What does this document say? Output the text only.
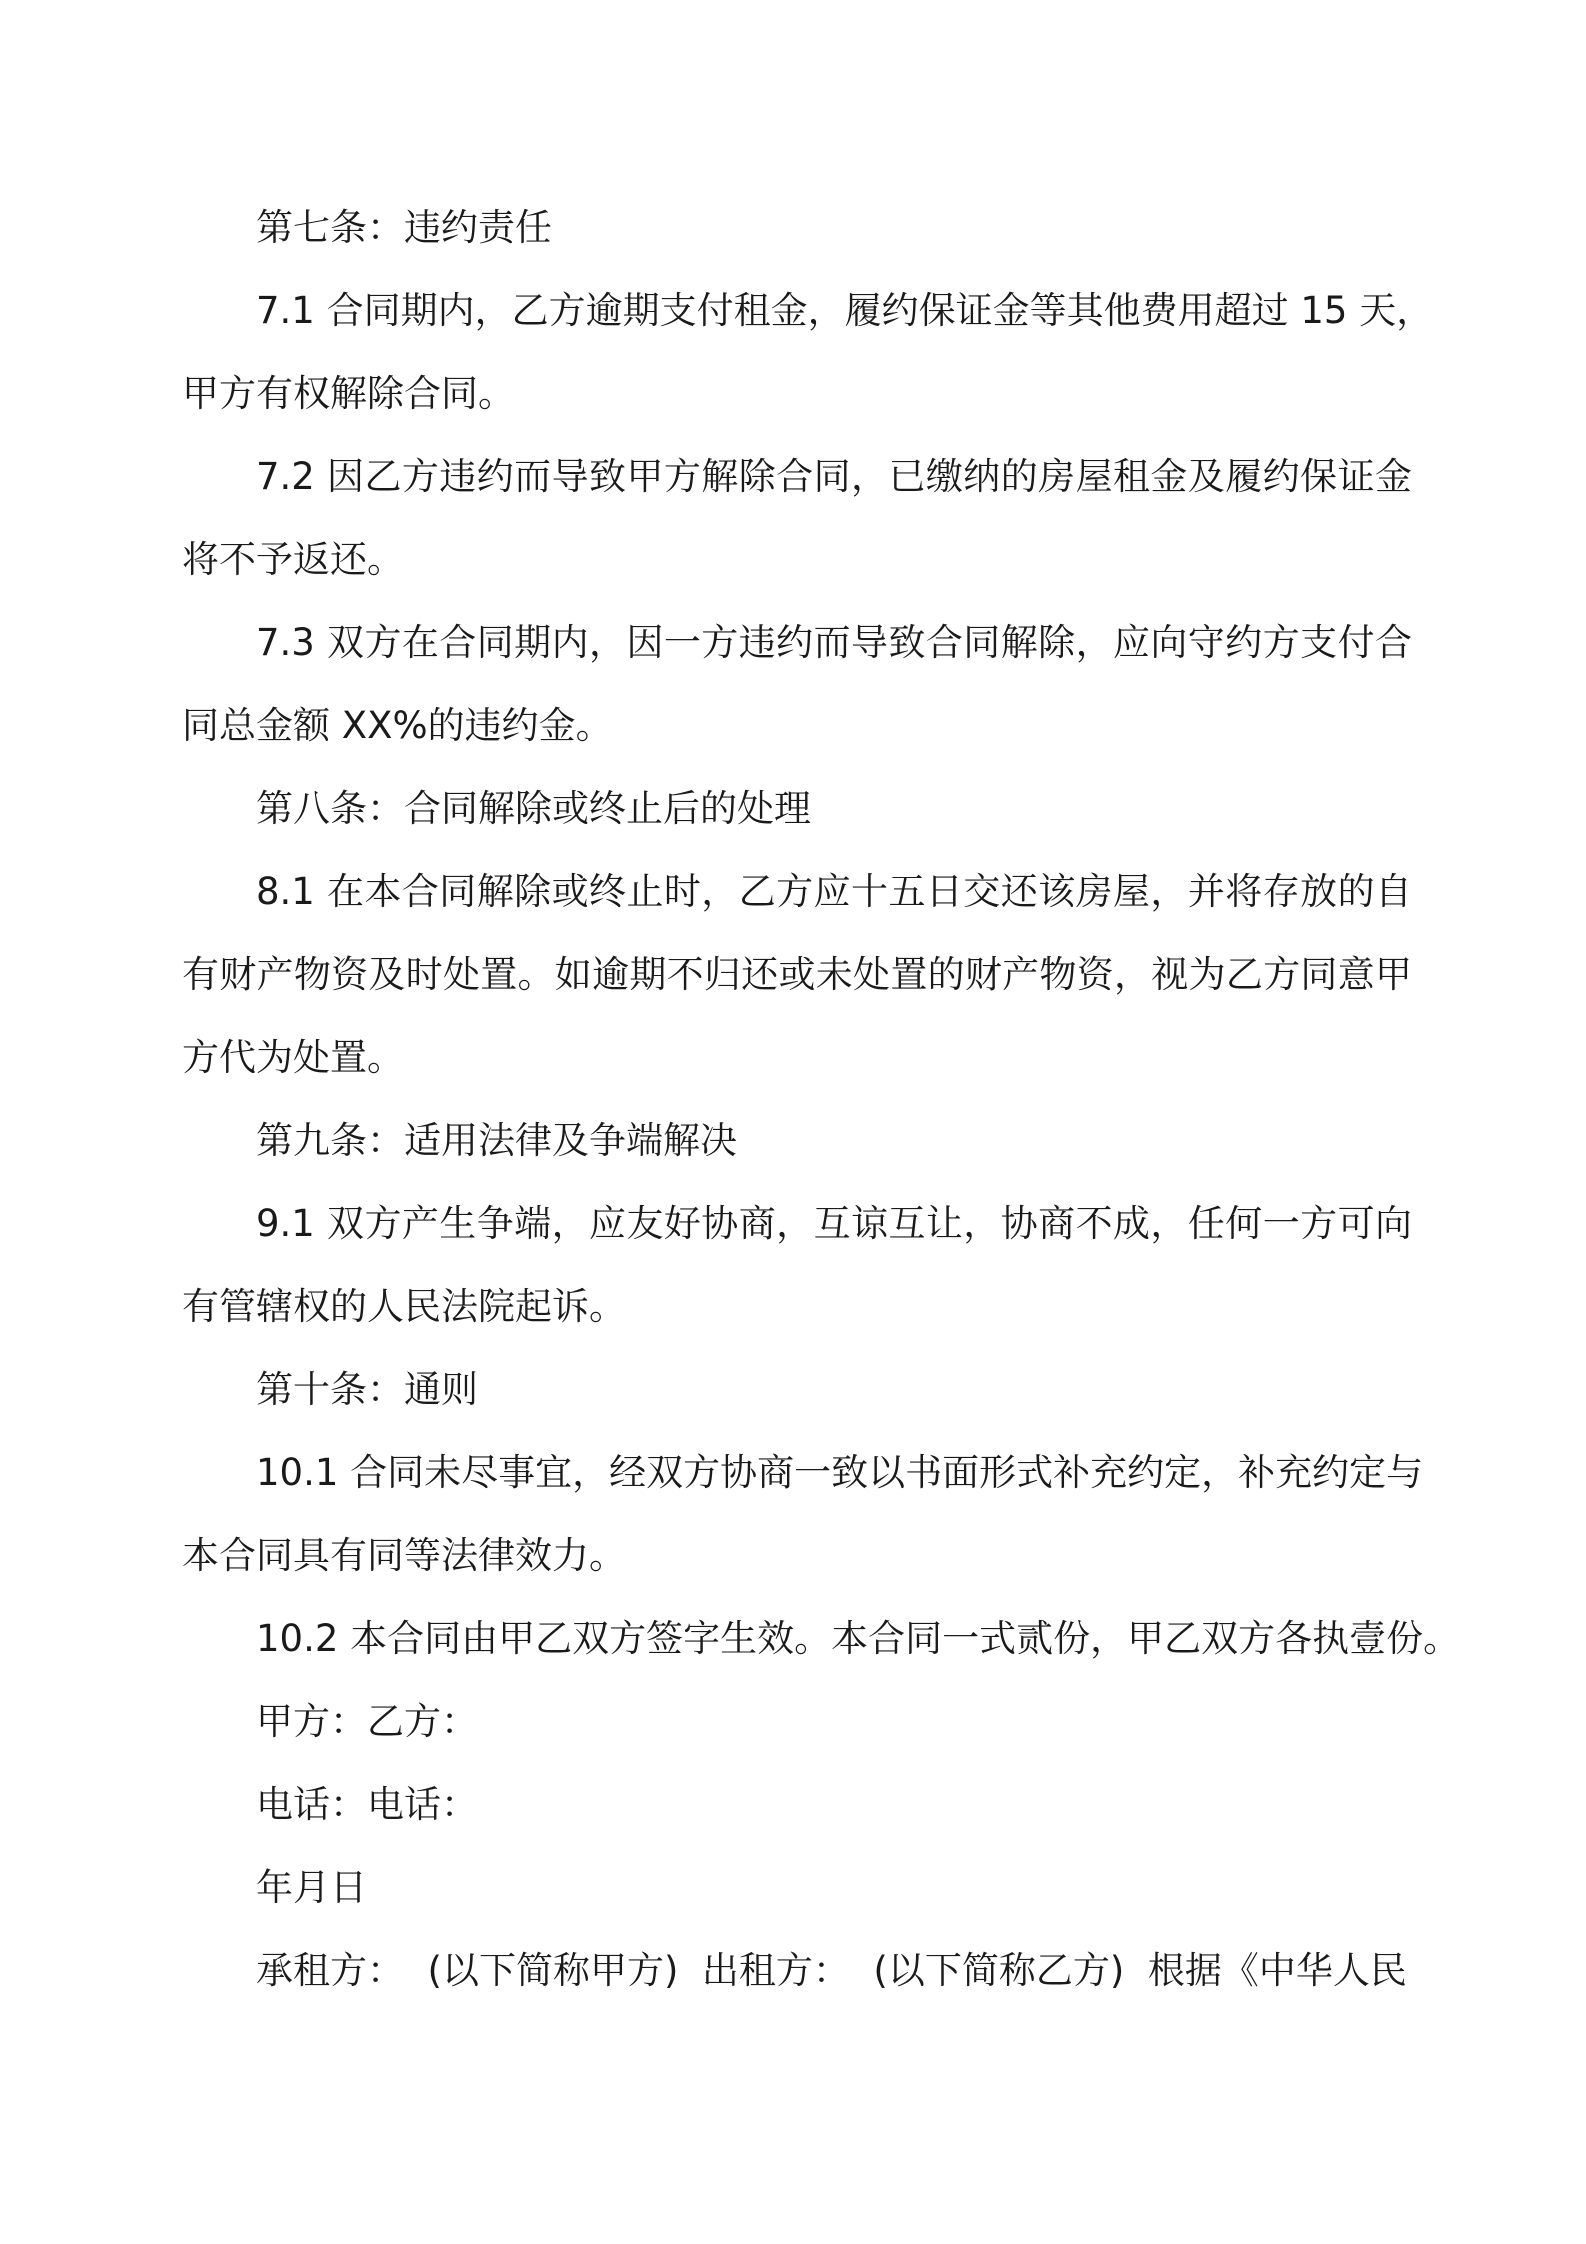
第七条：违约责任
7.1 合同期内，乙方逾期支付租金，履约保证金等其他费用超过 15 天，
甲方有权解除合同。
7.2 因乙方违约而导致甲方解除合同，已缴纳的房屋租金及履约保证金
将不予返还。
7.3 双方在合同期内，因一方违约而导致合同解除，应向守约方支付合
同总金额 XX%的违约金。
第八条：合同解除或终止后的处理
8.1 在本合同解除或终止时，乙方应十五日交还该房屋，并将存放的自
有财产物资及时处置。如逾期不归还或未处置的财产物资，视为乙方同意甲
方代为处置。
第九条：适用法律及争端解决
9.1 双方产生争端，应友好协商，互谅互让，协商不成，任何一方可向
有管辖权的人民法院起诉。
第十条：通则
10.1 合同未尽事宜，经双方协商一致以书面形式补充约定，补充约定与
本合同具有同等法律效力。
10.2 本合同由甲乙双方签字生效。本合同一式贰份，甲乙双方各执壹份。
甲方：乙方：
电话：电话：
年月日
承租方：  (以下简称甲方)  出租方：  (以下简称乙方)  根据《中华人民
